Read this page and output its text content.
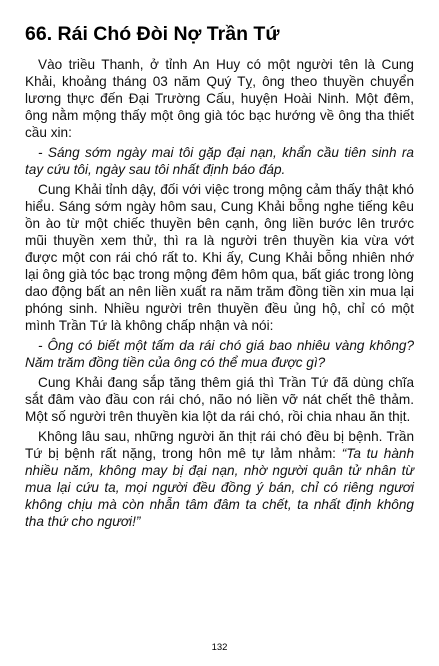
66. Rái Chó Đòi Nợ Trần Tứ

Vào triều Thanh, ở tỉnh An Huy có một người tên là Cung Khải, khoảng tháng 03 năm Quý Tỵ, ông theo thuyền chuyển lương thực đến Đại Trường Cấu, huyện Hoài Ninh. Một đêm, ông nằm mộng thấy một ông già tóc bạc hướng về ông tha thiết cầu xin:

- Sáng sớm ngày mai tôi gặp đại nạn, khẩn cầu tiên sinh ra tay cứu tôi, ngày sau tôi nhất định báo đáp.

Cung Khải tỉnh dậy, đối với việc trong mộng cảm thấy thật khó hiểu. Sáng sớm ngày hôm sau, Cung Khải bỗng nghe tiếng kêu ồn ào từ một chiếc thuyền bên cạnh, ông liền bước lên trước mũi thuyền xem thử, thì ra là người trên thuyền kia vừa vớt được một con rái chó rất to. Khi ấy, Cung Khải bỗng nhiên nhớ lại ông già tóc bạc trong mộng đêm hôm qua, bất giác trong lòng dao động bất an nên liền xuất ra năm trăm đồng tiền xin mua lại phóng sinh. Nhiều người trên thuyền đều ủng hộ, chỉ có một mình Trần Tứ là không chấp nhận và nói:

- Ông có biết một tấm da rái chó giá bao nhiêu vàng không? Năm trăm đồng tiền của ông có thể mua được gì?

Cung Khải đang sắp tăng thêm giá thì Trần Tứ đã dùng chĩa sắt đâm vào đầu con rái chó, não nó liền vỡ nát chết thê thảm. Một số người trên thuyền kia lột da rái chó, rồi chia nhau ăn thịt.

Không lâu sau, những người ăn thịt rái chó đều bị bệnh. Trần Tứ bị bệnh rất nặng, trong hôn mê tự lảm nhảm: “Ta tu hành nhiều năm, không may bị đại nạn, nhờ người quân tử nhân từ mua lại cứu ta, mọi người đều đồng ý bán, chỉ có riêng ngươi không chịu mà còn nhẫn tâm đâm ta chết, ta nhất định không tha thứ cho ngươi!”

132
